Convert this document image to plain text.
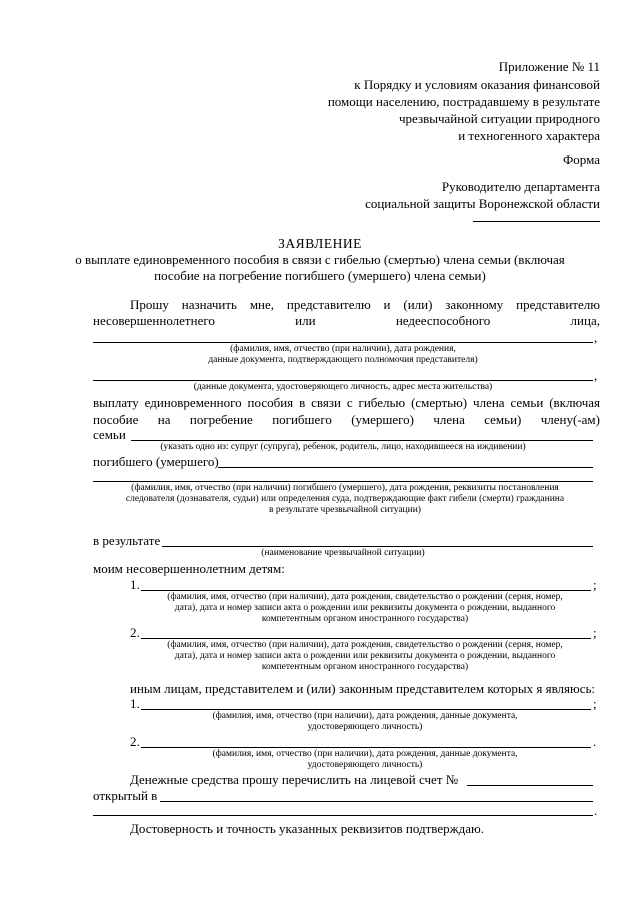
Приложение № 11
к Порядку и условиям оказания финансовой
помощи населению, пострадавшему в результате
чрезвычайной ситуации природного
и техногенного характера
Форма
Руководителю департамента
социальной защиты Воронежской области
ЗАЯВЛЕНИЕ
о выплате единовременного пособия в связи с гибелью (смертью) члена семьи (включая
пособие на погребение погибшего (умершего) члена семьи)
Прошу назначить мне, представителю и (или) законному представителю
несовершеннолетнего	или	недееспособного	лица,
,
(фамилия, имя, отчество (при наличии), дата рождения,
данные документа, подтверждающего полномочия представителя)
,
(данные документа, удостоверяющего личность, адрес места жительства)
выплату единовременного пособия в связи с гибелью (смертью) члена семьи (включая
пособие на погребение погибшего (умершего) члена семьи) члену(-ам)
семьи
(указать одно из: супруг (супруга), ребенок, родитель, лицо, находившееся на иждивении)
погибшего (умершего)
(фамилия, имя, отчество (при наличии) погибшего (умершего), дата рождения, реквизиты постановления
следователя (дознавателя, судьи) или определения суда, подтверждающие факт гибели (смерти) гражданина
в результате чрезвычайной ситуации)
в результате
(наименование чрезвычайной ситуации)
моим несовершеннолетним детям:
1.	;
(фамилия, имя, отчество (при наличии), дата рождения, свидетельство о рождении (серия, номер,
дата), дата и номер записи акта о рождении или реквизиты документа о рождении, выданного
компетентным органом иностранного государства)
2.	;
(фамилия, имя, отчество (при наличии), дата рождения, свидетельство о рождении (серия, номер,
дата), дата и номер записи акта о рождении или реквизиты документа о рождении, выданного
компетентным органом иностранного государства)
иным лицам, представителем и (или) законным представителем которых я являюсь:
1.	;
(фамилия, имя, отчество (при наличии), дата рождения, данные документа,
удостоверяющего личность)
2.	.
(фамилия, имя, отчество (при наличии), дата рождения, данные документа,
удостоверяющего личность)
Денежные средства прошу перечислить на лицевой счет №
открытый в
.
Достоверность и точность указанных реквизитов подтверждаю.
